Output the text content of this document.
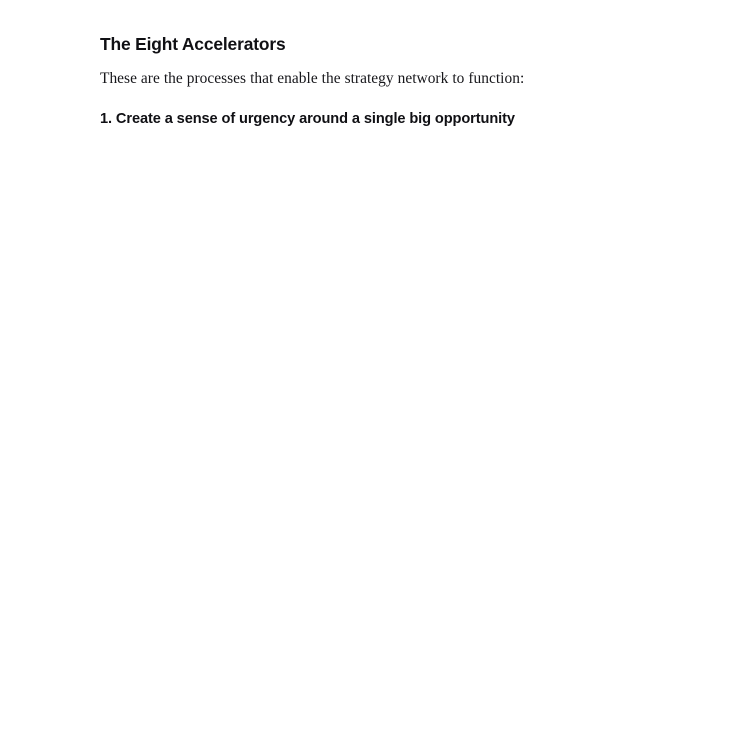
The Eight Accelerators

These are the processes that enable the strategy network to function:

1. Create a sense of urgency around a single big opportunity
